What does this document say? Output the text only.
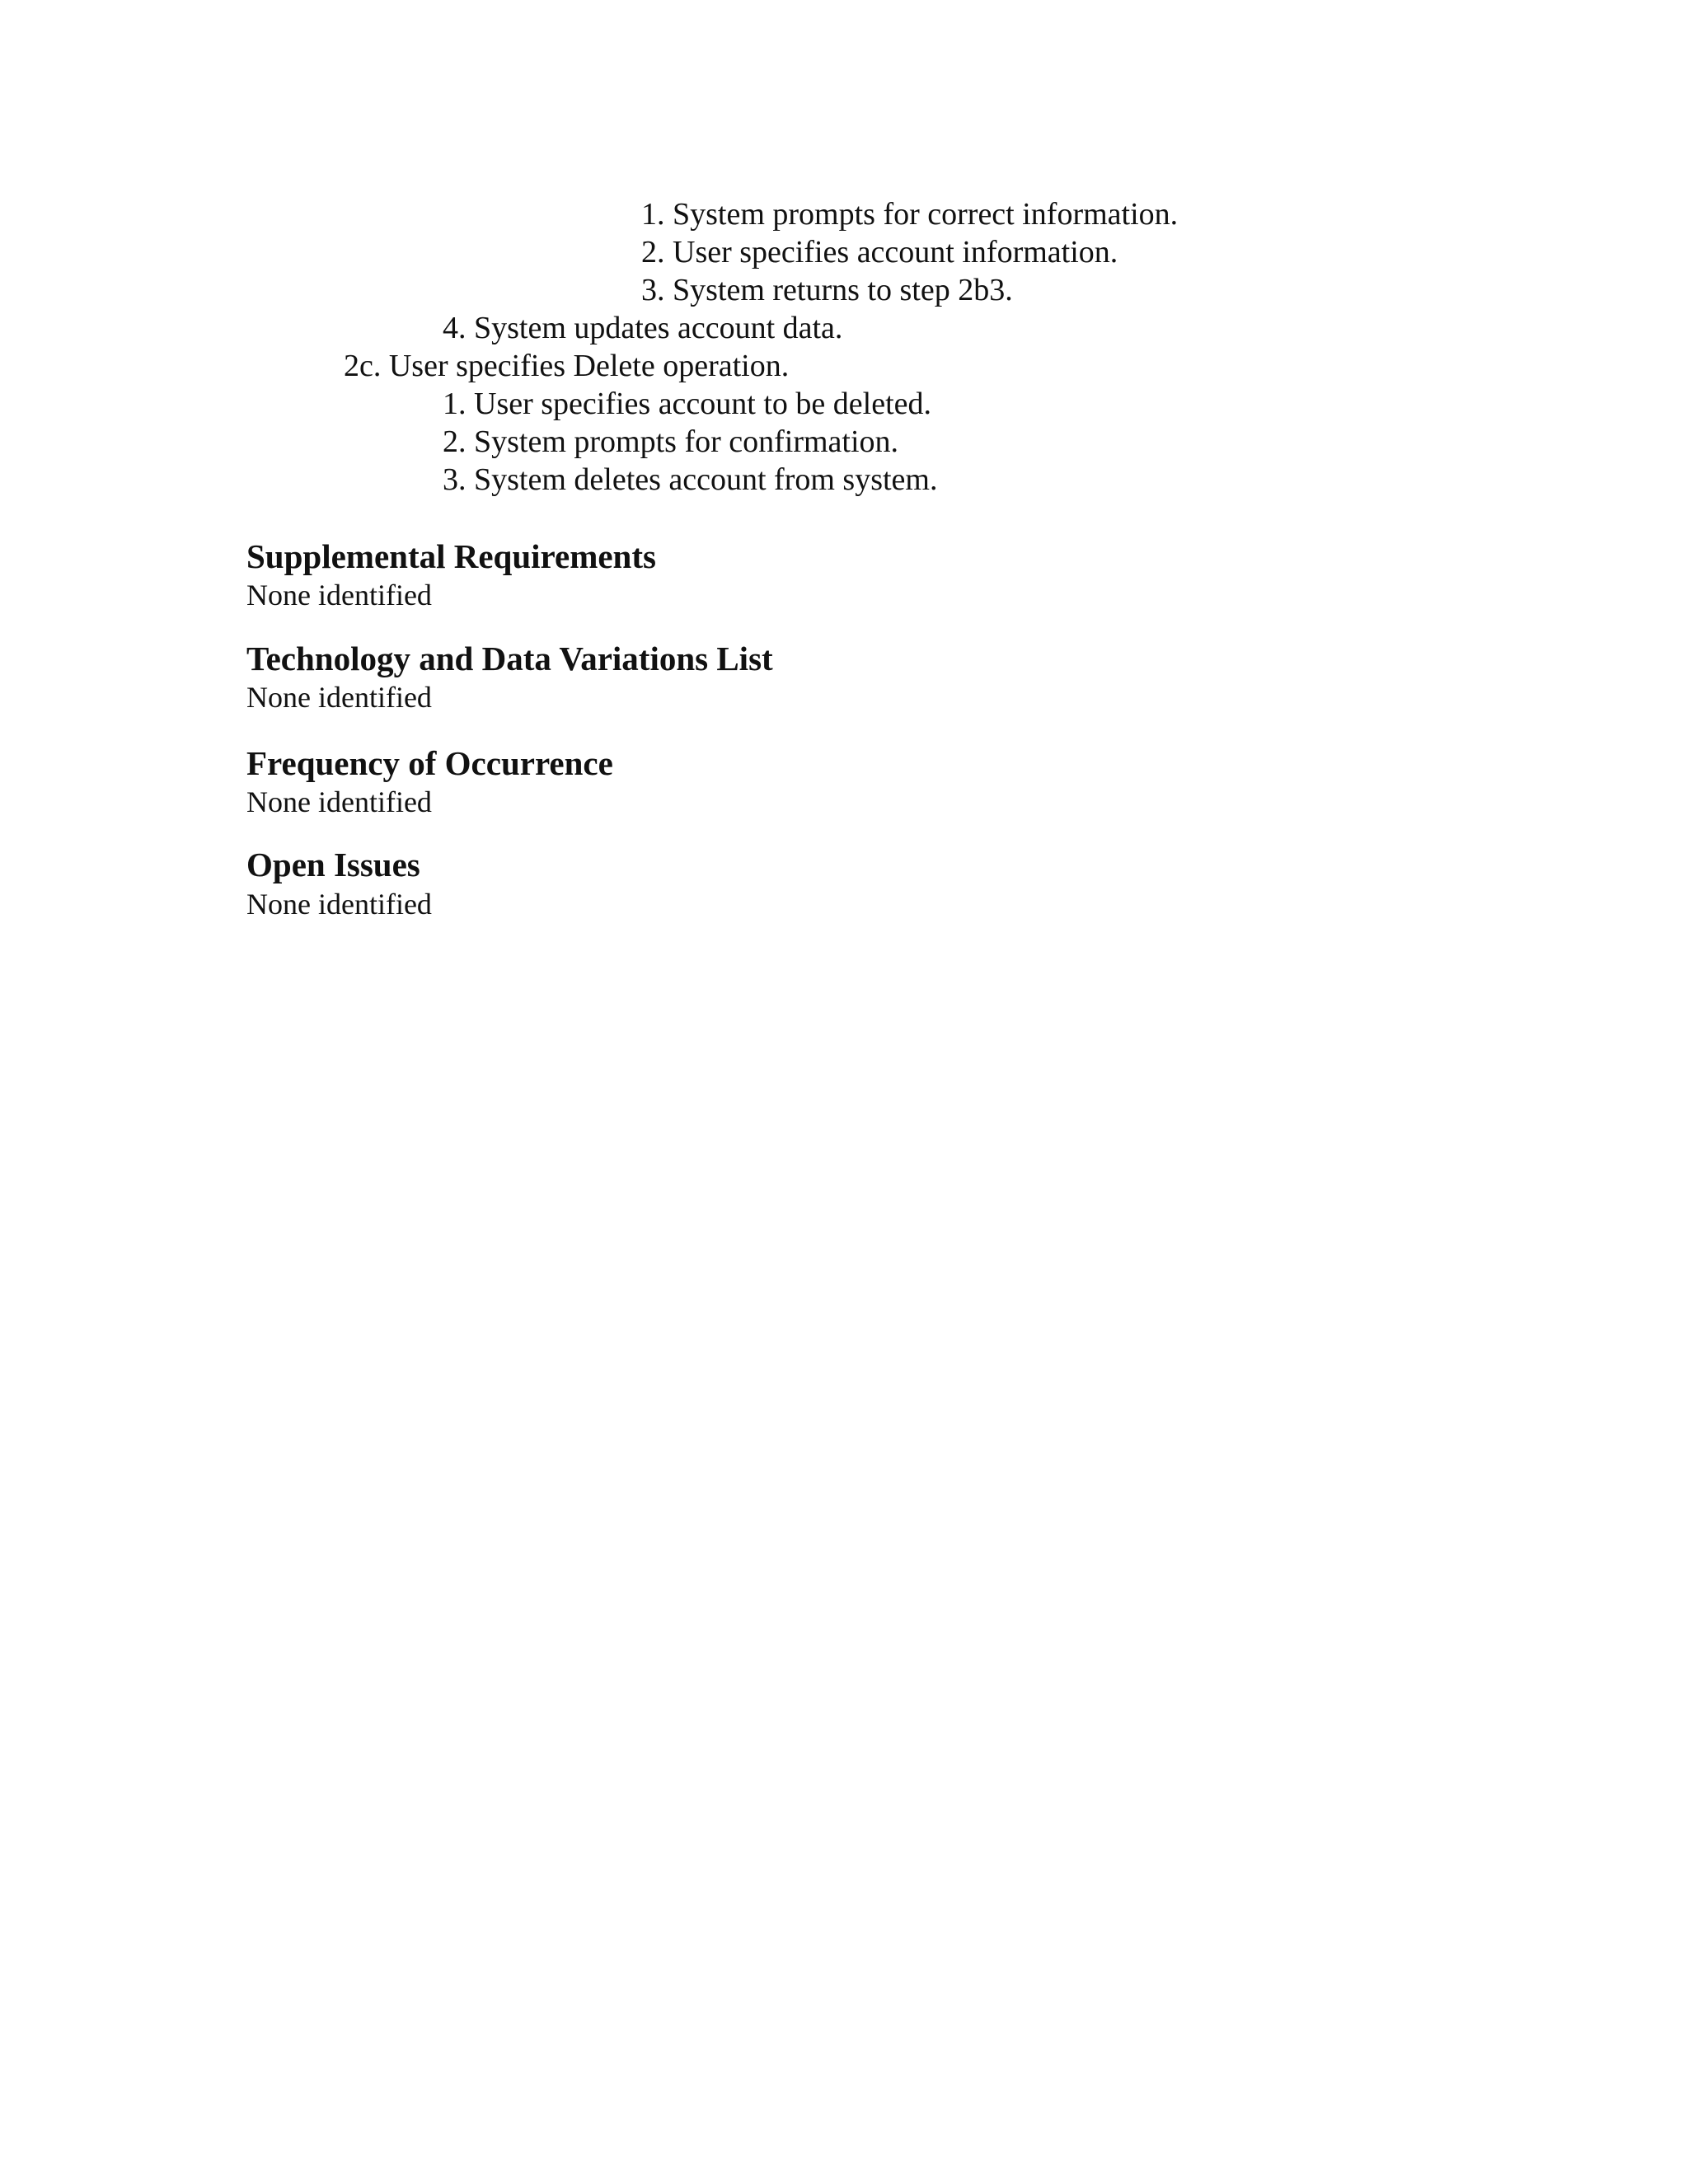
1. System prompts for correct information.
2. User specifies account information.
3. System returns to step 2b3.
4. System updates account data.
2c. User specifies Delete operation.
1. User specifies account to be deleted.
2. System prompts for confirmation.
3. System deletes account from system.
Supplemental Requirements
None identified
Technology and Data Variations List
None identified
Frequency of Occurrence
None identified
Open Issues
None identified
